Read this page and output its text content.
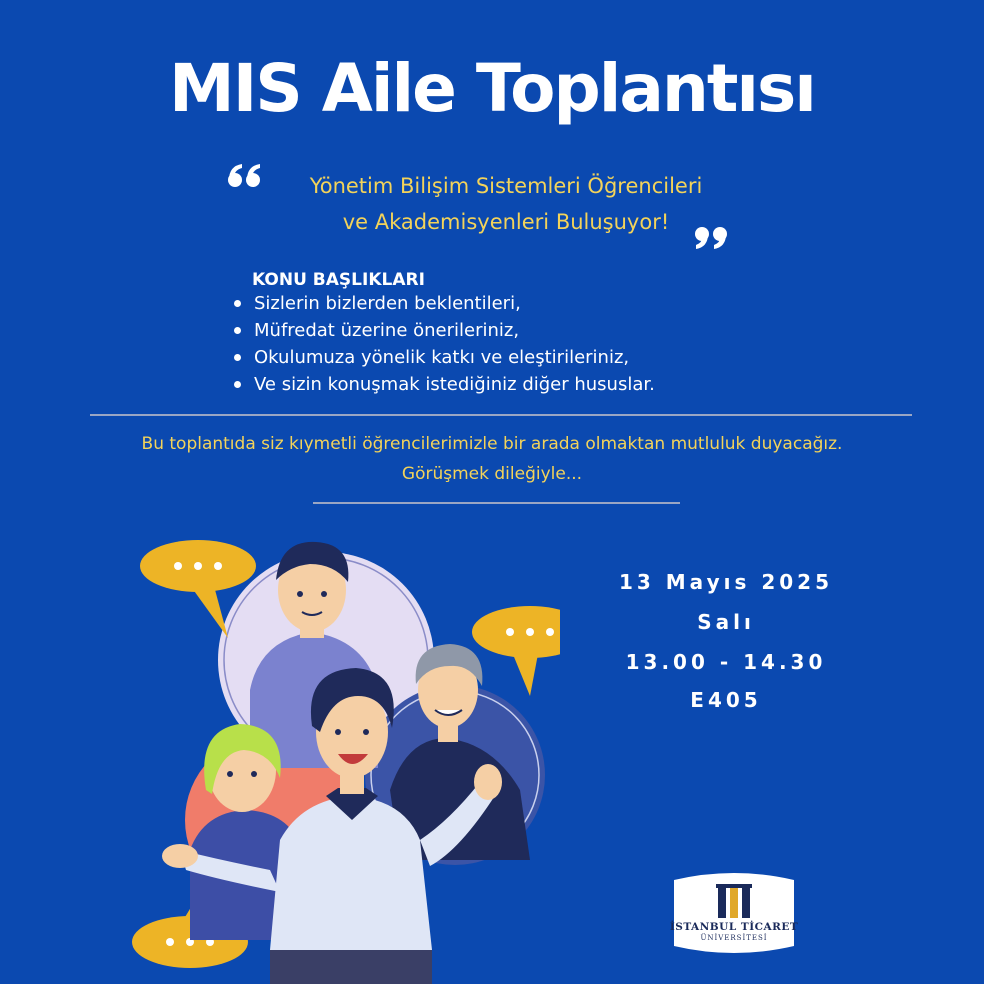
MIS Aile Toplantısı
Yönetim Bilişim Sistemleri Öğrencileri
ve Akademisyenleri Buluşuyor!
KONU BAŞLIKLARI
Sizlerin bizlerden beklentileri,
Müfredat üzerine önerileriniz,
Okulumuza yönelik katkı ve eleştirileriniz,
Ve sizin konuşmak istediğiniz diğer hususlar.
Bu toplantıda siz kıymetli öğrencilerimizle bir arada olmaktan mutluluk duyacağız.
Görüşmek dileğiyle...
13 Mayıs 2025
Salı
13.00 - 14.30
E405
İSTANBUL TİCARET
ÜNİVERSİTESİ
